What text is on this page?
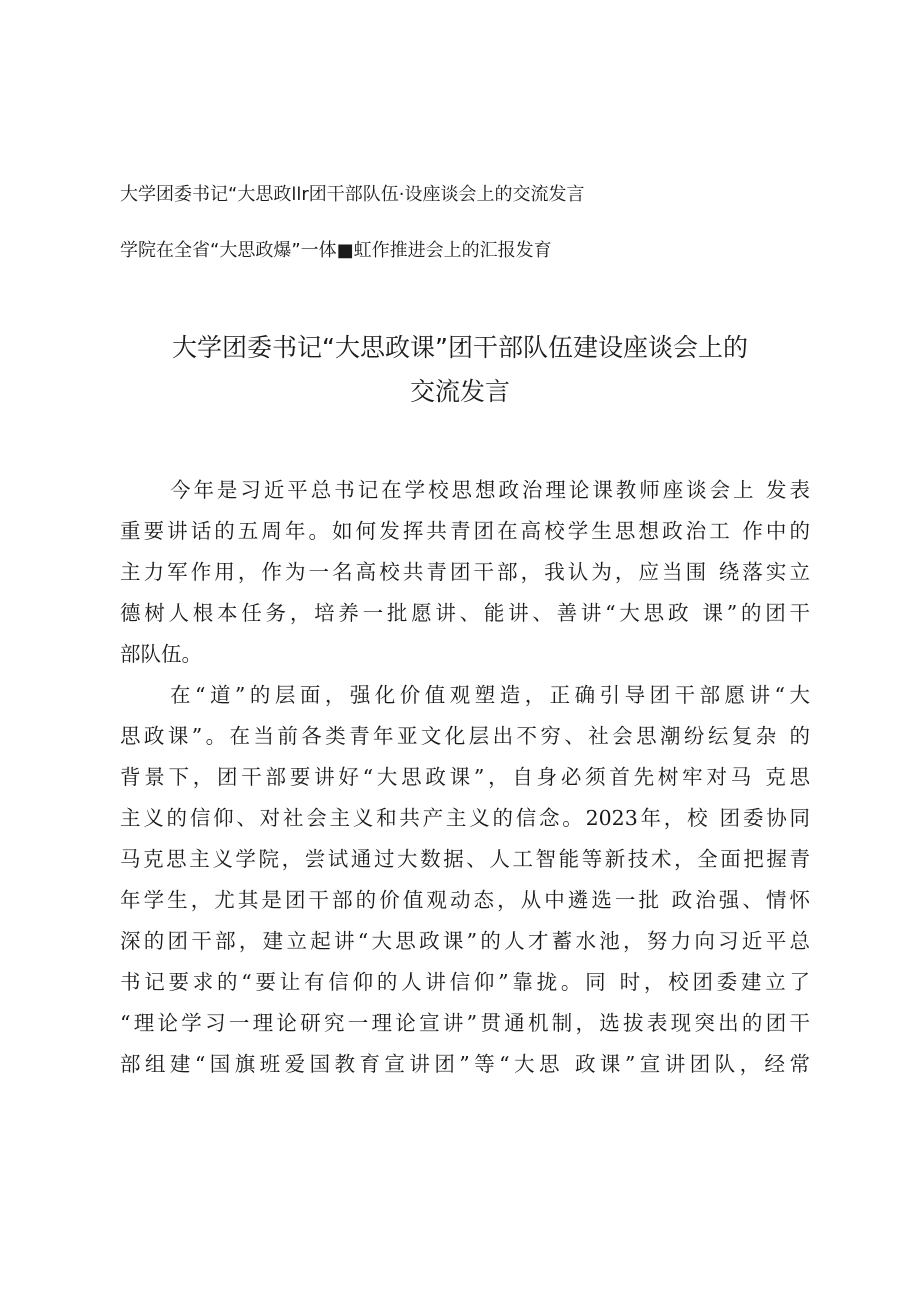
大学团委书记“大思政llr团干部队伍·设座谈会上的交流发言
学院在全省“大思政爆”一体■虹作推进会上的汇报发育
大学团委书记“大思政课”团干部队伍建设座谈会上的
交流发言
今年是习近平总书记在学校思想政治理论课教师座谈会上 发表
重要讲话的五周年。如何发挥共青团在高校学生思想政治工 作中的
主力军作用，作为一名高校共青团干部，我认为，应当围 绕落实立
德树人根本任务，培养一批愿讲、能讲、善讲“大思政 课”的团干
部队伍。
在“道”的层面，强化价值观塑造，正确引导团干部愿讲“大
思政课”。在当前各类青年亚文化层出不穷、社会思潮纷纭复杂 的
背景下，团干部要讲好“大思政课”，自身必须首先树牢对马 克思
主义的信仰、对社会主义和共产主义的信念。2023年，校 团委协同
马克思主义学院，尝试通过大数据、人工智能等新技术，全面把握青
年学生，尤其是团干部的价值观动态，从中遴选一批 政治强、情怀
深的团干部，建立起讲“大思政课”的人才蓄水池，努力向习近平总
书记要求的“要让有信仰的人讲信仰”靠拢。同 时，校团委建立了
“理论学习一理论研究一理论宣讲”贯通机制，选拔表现突出的团干
部组建“国旗班爱国教育宣讲团”等“大思 政课”宣讲团队，经常
